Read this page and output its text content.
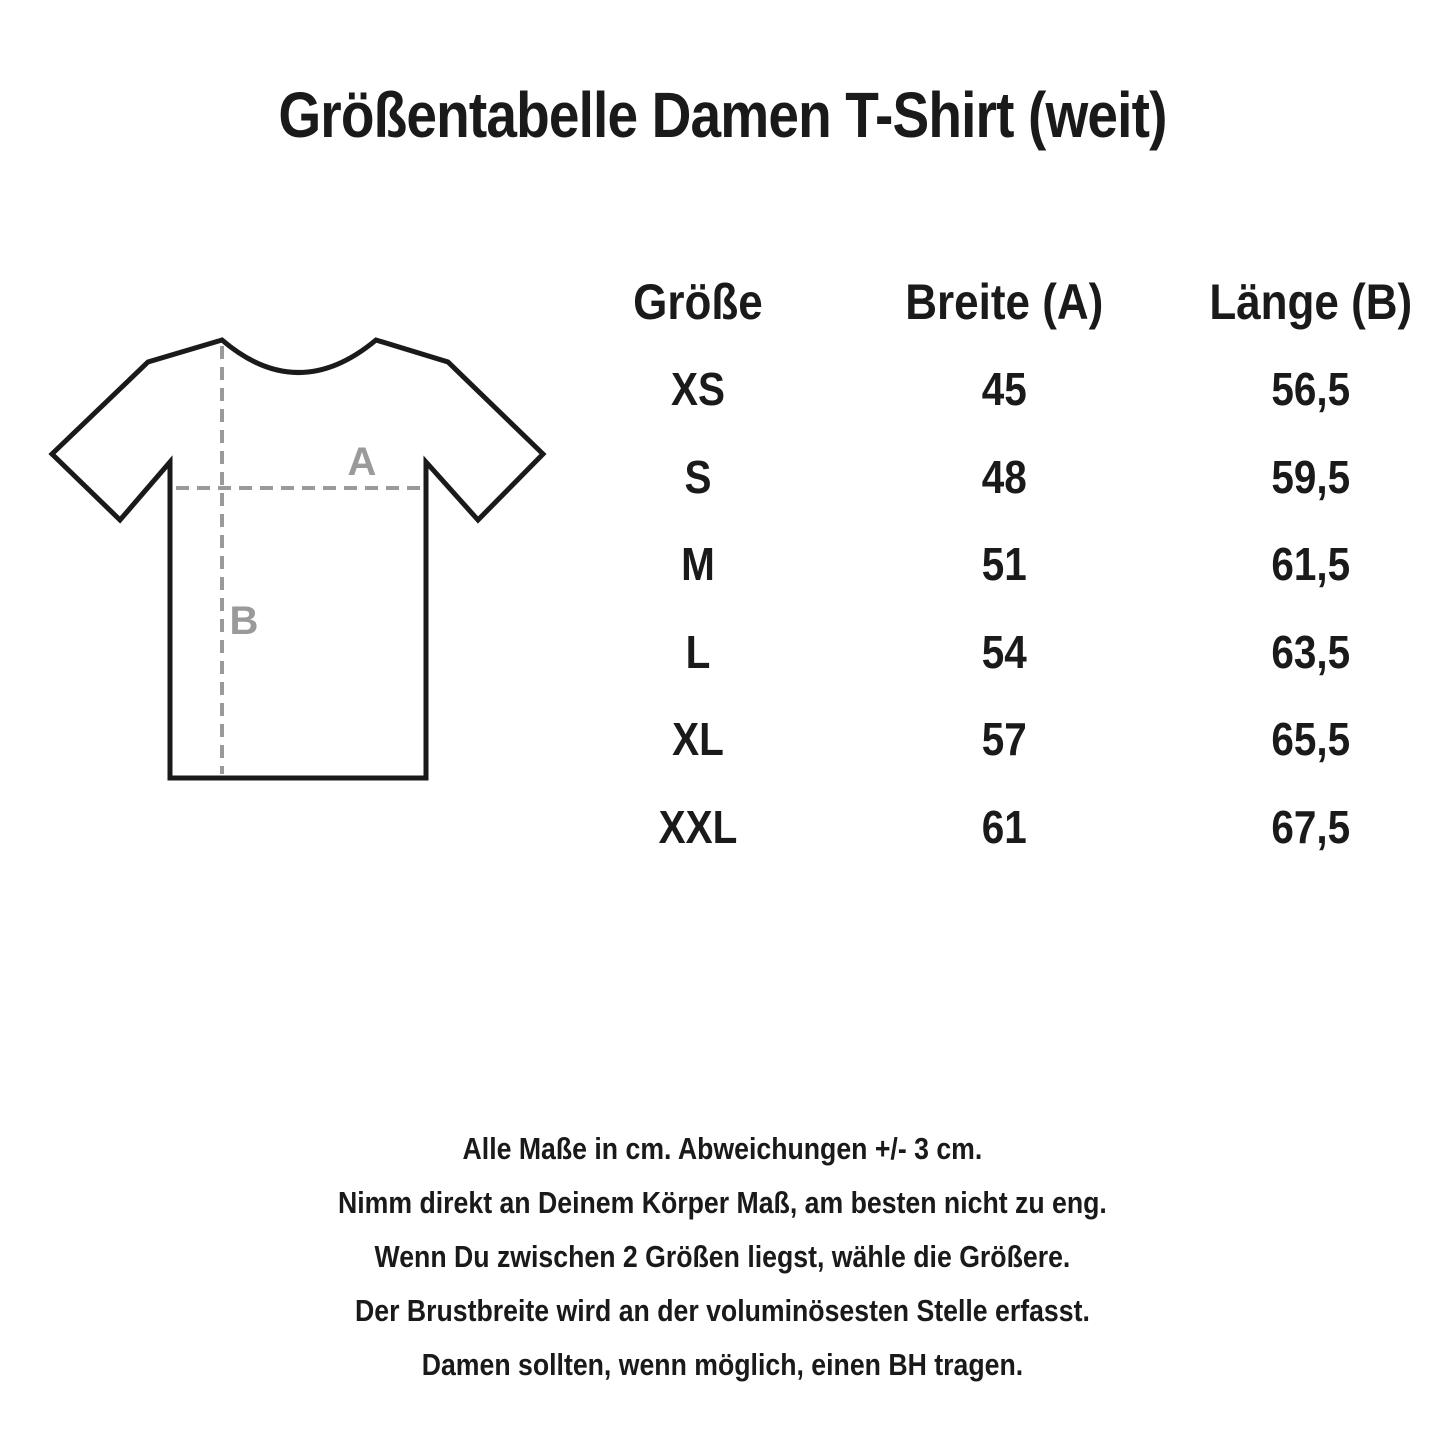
Größentabelle Damen T-Shirt (weit)
A
B
Größe	Breite (A)	Länge (B)
XS	45	56,5
S	48	59,5
M	51	61,5
L	54	63,5
XL	57	65,5
XXL	61	67,5
Alle Maße in cm. Abweichungen +/- 3 cm.
Nimm direkt an Deinem Körper Maß, am besten nicht zu eng.
Wenn Du zwischen 2 Größen liegst, wähle die Größere.
Der Brustbreite wird an der voluminösesten Stelle erfasst.
Damen sollten, wenn möglich, einen BH tragen.
